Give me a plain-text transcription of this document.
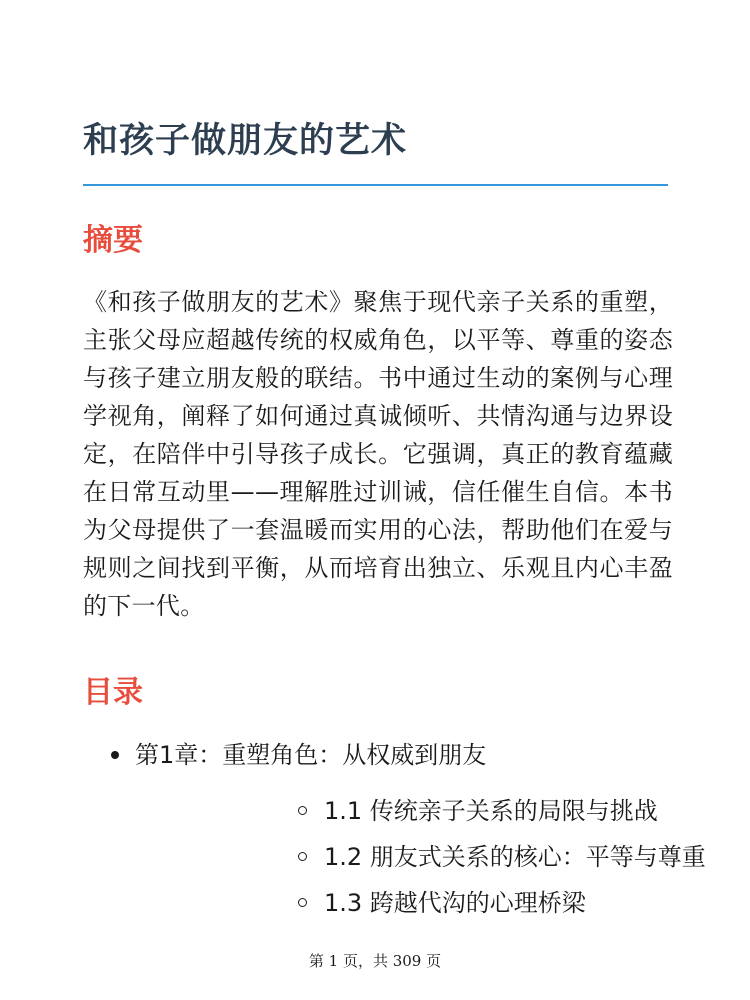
和孩子做朋友的艺术
摘要

《和孩子做朋友的艺术》聚焦于现代亲子关系的重塑，主张父母应超越传统的权威角色，以平等、尊重的姿态与孩子建立朋友般的联结。书中通过生动的案例与心理学视角，阐释了如何通过真诚倾听、共情沟通与边界设定，在陪伴中引导孩子成长。它强调，真正的教育蕴藏在日常互动里——理解胜过训诫，信任催生自信。本书为父母提供了一套温暖而实用的心法，帮助他们在爱与规则之间找到平衡，从而培育出独立、乐观且内心丰盈的下一代。

目录
第1章：重塑角色：从权威到朋友
1.1 传统亲子关系的局限与挑战
1.2 朋友式关系的核心：平等与尊重
1.3 跨越代沟的心理桥梁
第 1 页，共 309 页
